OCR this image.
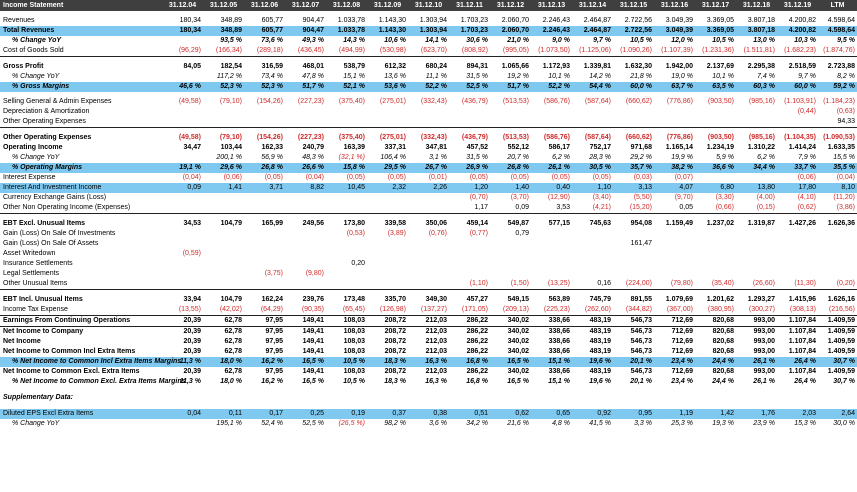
Income Statement	31.12.04	31.12.05	31.12.06	31.12.07	31.12.08	31.12.09	31.12.10	31.12.11	31.12.12	31.12.13	31.12.14	31.12.15	31.12.16	31.12.17	31.12.18	31.12.19	LTM	

Revenues	180,34	348,89	605,77	904,47	1.033,78	1.143,30	1.303,94	1.703,23	2.060,70	2.246,43	2.464,87	2.722,56	3.049,39	3.369,05	3.807,18	4.200,82	4.598,64	
Total Revenues	180,34	348,89	605,77	904,47	1.033,78	1.143,30	1.303,94	1.703,23	2.060,70	2.246,43	2.464,87	2.722,56	3.049,39	3.369,05	3.807,18	4.200,82	4.598,64	
% Change YoY		93,5 %	73,6 %	49,3 %	14,3 %	10,6 %	14,1 %	30,6 %	21,0 %	9,0 %	9,7 %	10,5 %	12,0 %	10,5 %	13,0 %	10,3 %	9,5 %	
Cost of Goods Sold	(96,29)	(166,34)	(289,18)	(436,45)	(494,99)	(530,98)	(623,70)	(808,92)	(995,05)	(1.073,50)	(1.125,06)	(1.090,26)	(1.107,39)	(1.231,36)	(1.511,81)	(1.682,23)	(1.874,76)	

Gross Profit	84,05	182,54	316,59	468,01	538,79	612,32	680,24	894,31	1.065,66	1.172,93	1.339,81	1.632,30	1.942,00	2.137,69	2.295,38	2.518,59	2.723,88	
% Change YoY		117,2 %	73,4 %	47,8 %	15,1 %	13,6 %	11,1 %	31,5 %	19,2 %	10,1 %	14,2 %	21,8 %	19,0 %	10,1 %	7,4 %	9,7 %	8,2 %	
% Gross Margins	46,6 %	52,3 %	52,3 %	51,7 %	52,1 %	53,6 %	52,2 %	52,5 %	51,7 %	52,2 %	54,4 %	60,0 %	63,7 %	63,5 %	60,3 %	60,0 %	59,2 %	

Selling General & Admin Expenses	(49,58)	(79,10)	(154,26)	(227,23)	(375,40)	(275,01)	(332,43)	(436,79)	(513,53)	(586,76)	(587,64)	(660,62)	(776,86)	(903,50)	(985,16)	(1.103,91)	(1.184,23)	
Depreciation & Amortization																(0,44)	(0,63)	
Other Operating Expenses																	94,33	

Other Operating Expenses	(49,58)	(79,10)	(154,26)	(227,23)	(375,40)	(275,01)	(332,43)	(436,79)	(513,53)	(586,76)	(587,64)	(660,62)	(776,86)	(903,50)	(985,16)	(1.104,35)	(1.090,53)	
Operating Income	34,47	103,44	162,33	240,79	163,39	337,31	347,81	457,52	552,12	586,17	752,17	971,68	1.165,14	1.234,19	1.310,22	1.414,24	1.633,35	
% Change YoY		200,1 %	56,9 %	48,3 %	(32,1 %)	106,4 %	3,1 %	31,5 %	20,7 %	6,2 %	28,3 %	29,2 %	19,9 %	5,9 %	6,2 %	7,9 %	15,5 %	
% Operating Margins	19,1 %	29,6 %	26,8 %	26,6 %	15,8 %	29,5 %	26,7 %	26,9 %	26,8 %	26,1 %	30,5 %	35,7 %	38,2 %	36,6 %	34,4 %	33,7 %	35,5 %	
Interest Expense	(0,04)	(0,06)	(0,05)	(0,04)	(0,05)	(0,05)	(0,01)	(0,05)	(0,05)	(0,05)	(0,05)	(0,03)	(0,07)			(0,06)	(0,04)	
Interest And Investment Income	0,09	1,41	3,71	8,82	10,45	2,32	2,26	1,20	1,40	0,40	1,10	3,13	4,07	6,80	13,80	17,80	8,10	
Currency Exchange Gains (Loss)								(0,70)	(3,70)	(12,90)	(3,40)	(5,50)	(9,70)	(3,30)	(4,00)	(4,10)	(11,20)	
Other Non Operating Income (Expenses)								1,17	0,09	3,53	(4,21)	(15,20)	0,05	(0,66)	(0,15)	(0,62)	(3,86)	

EBT Excl. Unusual Items	34,53	104,79	165,99	249,56	173,80	339,58	350,06	459,14	549,87	577,15	745,63	954,08	1.159,49	1.237,02	1.319,87	1.427,26	1.626,36	
Gain (Loss) On Sale Of Investments					(0,53)	(3,89)	(0,76)	(0,77)	0,79									
Gain (Loss) On Sale Of Assets												161,47						
Asset Writedown	(0,59)																	
Insurance Settlements					0,20													
Legal Settlements			(3,75)	(9,80)														
Other Unusual Items								(1,10)	(1,50)	(13,25)	0,16	(224,00)	(79,80)	(35,40)	(26,60)	(11,30)	(0,20)	

EBT Incl. Unusual Items	33,94	104,79	162,24	239,76	173,48	335,70	349,30	457,27	549,15	563,89	745,79	891,55	1.079,69	1.201,62	1.293,27	1.415,96	1.626,16	
Income Tax Expense	(13,55)	(42,02)	(64,29)	(90,35)	(65,45)	(126,98)	(137,27)	(171,05)	(209,13)	(225,23)	(262,60)	(344,82)	(367,00)	(380,95)	(300,27)	(308,13)	(216,56)	
Earnings From Continuing Operations	20,39	62,78	97,95	149,41	108,03	208,72	212,03	286,22	340,02	338,66	483,19	546,73	712,69	820,68	993,00	1.107,84	1.409,59	
Net Income to Company	20,39	62,78	97,95	149,41	108,03	208,72	212,03	286,22	340,02	338,66	483,19	546,73	712,69	820,68	993,00	1.107,84	1.409,59	
Net Income	20,39	62,78	97,95	149,41	108,03	208,72	212,03	286,22	340,02	338,66	483,19	546,73	712,69	820,68	993,00	1.107,84	1.409,59	
Net Income to Common Incl Extra Items	20,39	62,78	97,95	149,41	108,03	208,72	212,03	286,22	340,02	338,66	483,19	546,73	712,69	820,68	993,00	1.107,84	1.409,59	
% Net Income to Common Incl Extra Items Margins	11,3 %	18,0 %	16,2 %	16,5 %	10,5 %	18,3 %	16,3 %	16,8 %	16,5 %	15,1 %	19,6 %	20,1 %	23,4 %	24,4 %	26,1 %	26,4 %	30,7 %	
Net Income to Common Excl. Extra Items	20,39	62,78	97,95	149,41	108,03	208,72	212,03	286,22	340,02	338,66	483,19	546,73	712,69	820,68	993,00	1.107,84	1.409,59	
% Net Income to Common Excl. Extra Items Margins	11,3 %	18,0 %	16,2 %	16,5 %	10,5 %	18,3 %	16,3 %	16,8 %	16,5 %	15,1 %	19,6 %	20,1 %	23,4 %	24,4 %	26,1 %	26,4 %	30,7 %	

Supplementary Data:																		

Diluted EPS Excl Extra Items	0,04	0,11	0,17	0,25	0,19	0,37	0,38	0,51	0,62	0,65	0,92	0,95	1,19	1,42	1,76	2,03	2,64	
% Change YoY		195,1 %	52,4 %	52,5 %	(26,5 %)	98,2 %	3,6 %	34,2 %	21,6 %	4,8 %	41,5 %	3,3 %	25,3 %	19,3 %	23,9 %	15,3 %	30,0 %	
